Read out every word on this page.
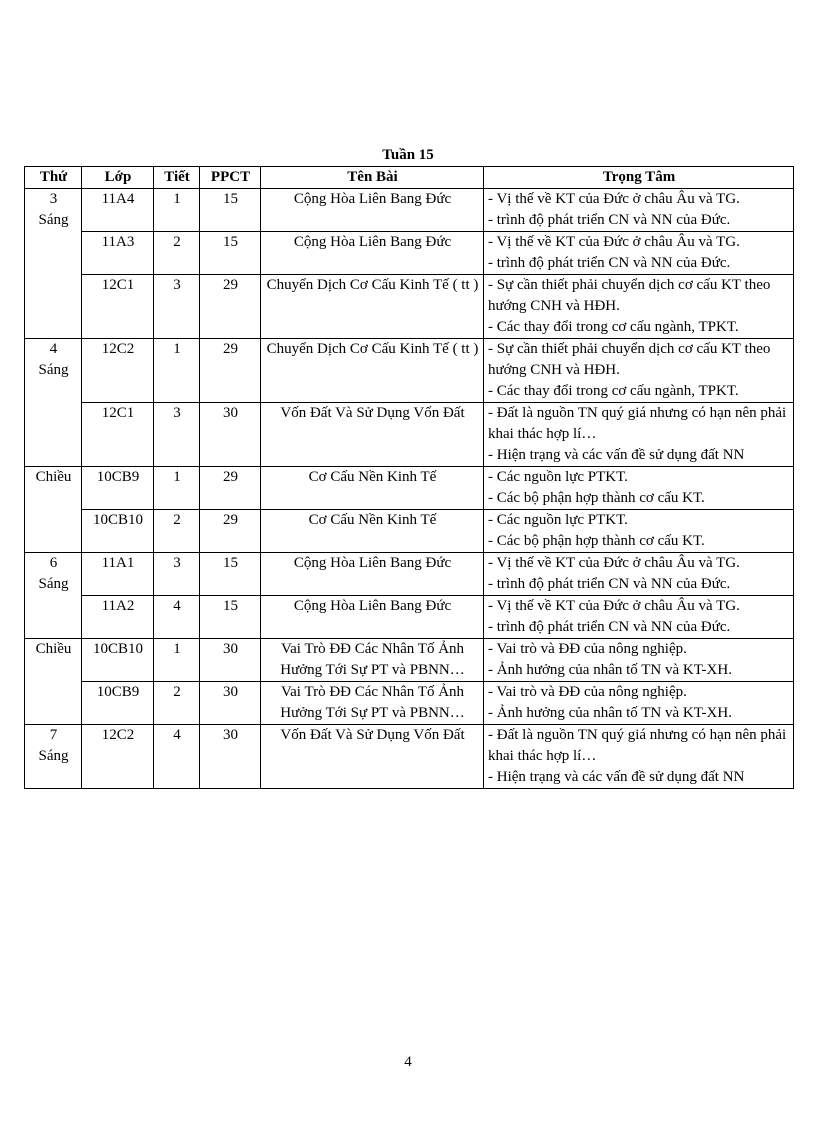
Tuần 15
Thứ	Lớp	Tiết	PPCT	Tên Bài	Trọng Tâm

3
Sáng	11A4	1	15	Cộng Hòa Liên Bang Đức	- Vị thế về KT của Đức ở châu Âu và TG.
- trình độ phát triển CN và NN của Đức.

	11A3	2	15	Cộng Hòa Liên Bang Đức	- Vị thế về KT của Đức ở châu Âu và TG.
- trình độ phát triển CN và NN của Đức.

	12C1	3	29	Chuyển Dịch Cơ Cấu Kinh Tế ( tt )	- Sự cần thiết phải chuyển dịch cơ cấu KT theo hướng CNH và HĐH.
- Các thay đổi trong cơ cấu ngành, TPKT.

4
Sáng	12C2	1	29	Chuyển Dịch Cơ Cấu Kinh Tế ( tt )	- Sự cần thiết phải chuyển dịch cơ cấu KT theo hướng CNH và HĐH.
- Các thay đổi trong cơ cấu ngành, TPKT.

	12C1	3	30	Vốn Đất Và Sử Dụng Vốn Đất	- Đất là nguồn TN quý giá nhưng có hạn nên phải khai thác hợp lí…
- Hiện trạng và các vấn đề sử dụng đất NN

Chiều	10CB9	1	29	Cơ Cấu Nền Kinh Tế	- Các nguồn lực PTKT.
- Các bộ phận hợp thành cơ cấu KT.

	10CB10	2	29	Cơ Cấu Nền Kinh Tế	- Các nguồn lực PTKT.
- Các bộ phận hợp thành cơ cấu KT.

6
Sáng	11A1	3	15	Cộng Hòa Liên Bang Đức	- Vị thế về KT của Đức ở châu Âu và TG.
- trình độ phát triển CN và NN của Đức.

	11A2	4	15	Cộng Hòa Liên Bang Đức	- Vị thế về KT của Đức ở châu Âu và TG.
- trình độ phát triển CN và NN của Đức.

Chiều	10CB10	1	30	Vai Trò ĐĐ Các Nhân Tố Ảnh Hưởng Tới Sự PT và PBNN…	- Vai trò và ĐĐ của nông nghiệp.
- Ảnh hưởng của nhân tố TN và KT-XH.

	10CB9	2	30	Vai Trò ĐĐ Các Nhân Tố Ảnh Hưởng Tới Sự PT và PBNN…	- Vai trò và ĐĐ của nông nghiệp.
- Ảnh hưởng của nhân tố TN và KT-XH.

7
Sáng	12C2	4	30	Vốn Đất Và Sử Dụng Vốn Đất	- Đất là nguồn TN quý giá nhưng có hạn nên phải khai thác hợp lí…
- Hiện trạng và các vấn đề sử dụng đất NN
4
